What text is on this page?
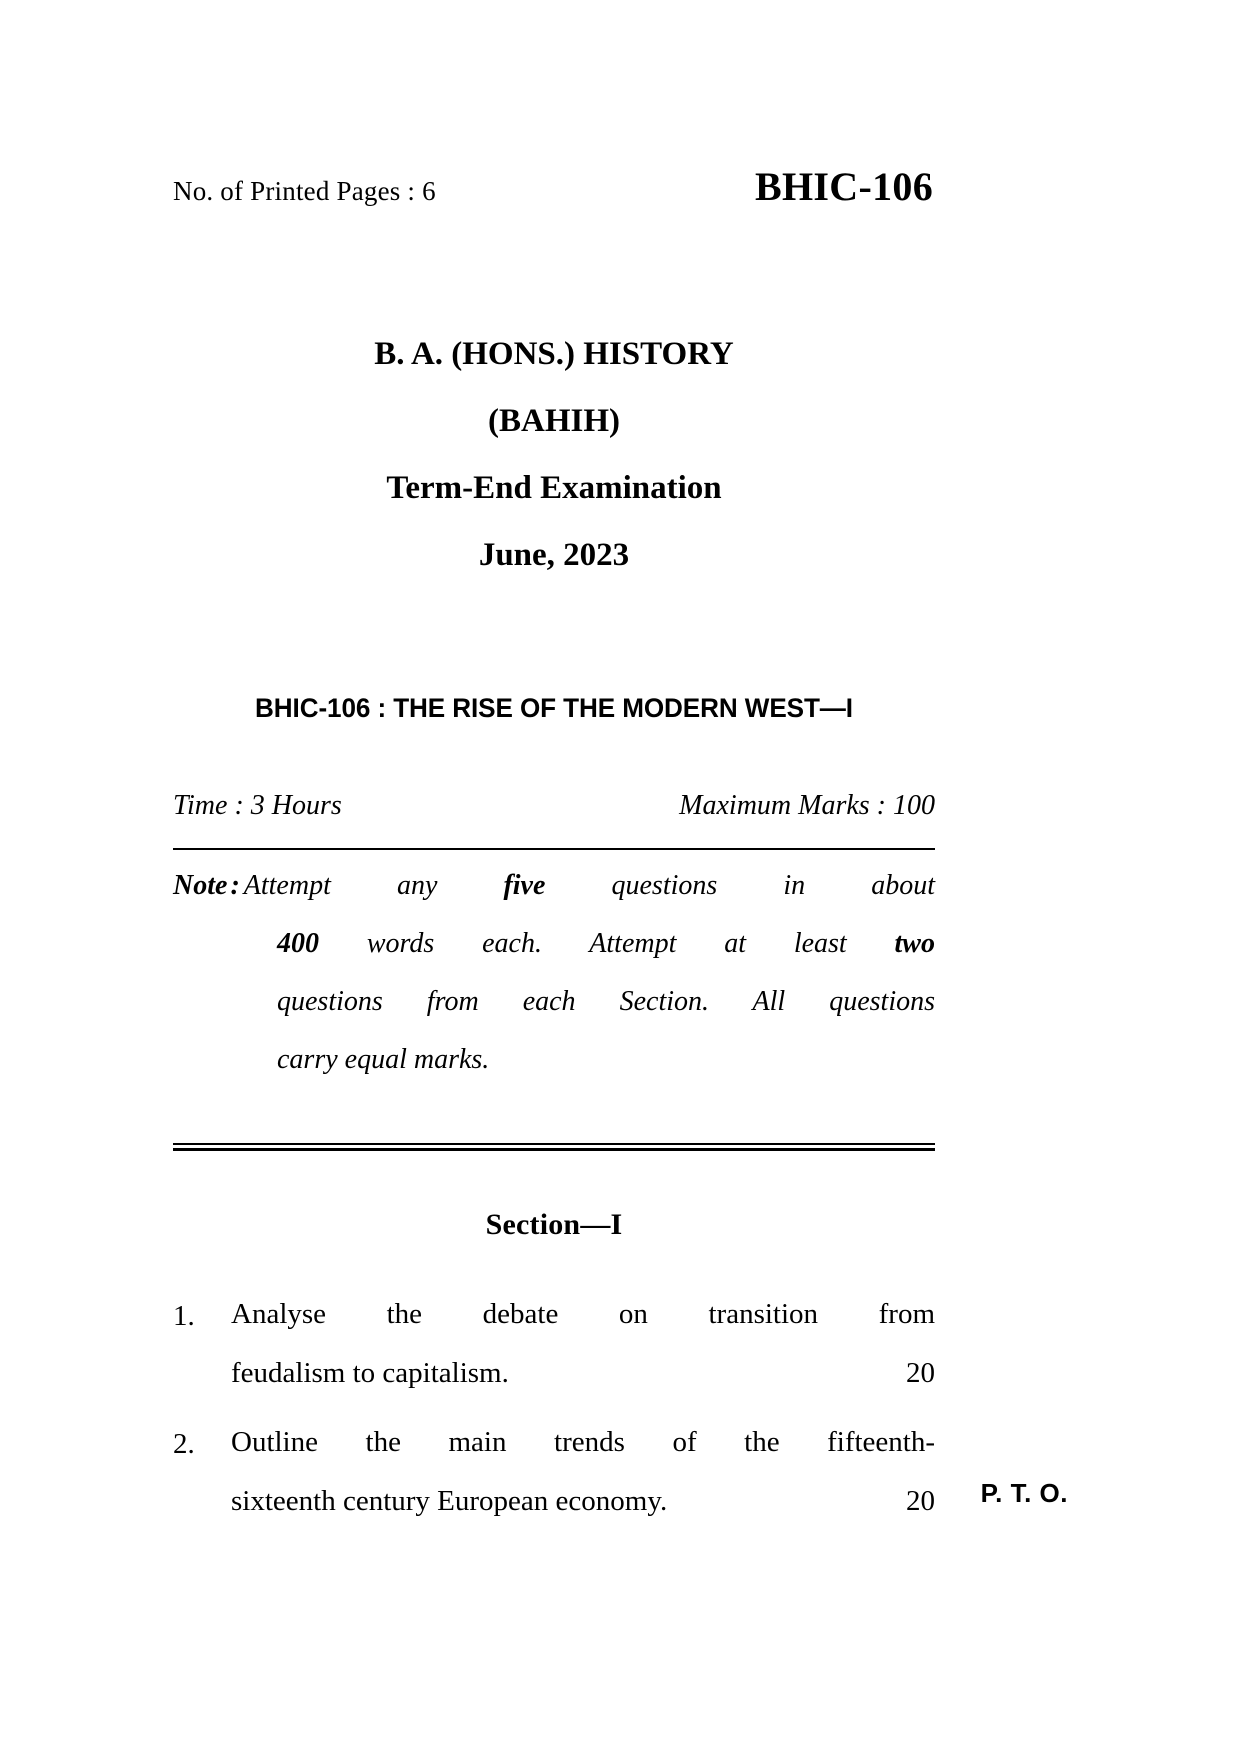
No. of Printed Pages : 6	BHIC-106
B. A. (HONS.) HISTORY
(BAHIH)
Term-End Examination
June, 2023
BHIC-106 : THE RISE OF THE MODERN WEST—I
Time : 3 Hours	Maximum Marks : 100
Note : Attempt any five questions in about
400 words each. Attempt at least two
questions from each Section. All questions
carry equal marks.
Section—I
1.	Analyse the debate on transition from
feudalism to capitalism.	20
2.	Outline the main trends of the fifteenth-
sixteenth century European economy.	20 P. T. O.
